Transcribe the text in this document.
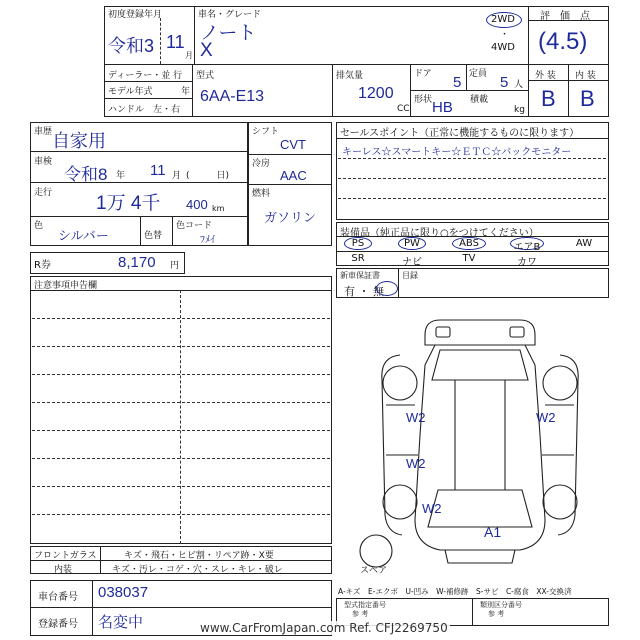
初度登録年月
令和3 11
月
車名・グレード
ノート
X
2WD
・
4WD
評　価　点
(4.5)
外 装 内 装
B B
ディーラー・並 行
モデル年式	年
ハンドル　左・右
型式
6AA-E13
排気量
1200
CC
ドア 5 定員 5 人
形状 HB 積載
kg
車歴 自家用
車検
令和8 年 11 月 (　　　日)
走行 1万 4千 400 km
色
シルバー	色替
色コード
ﾌﾒｲ
シフト
CVT
冷房
AAC
燃料
ガソリン
R券	8,170 円
セールスポイント（正常に機能するものに限ります）
キーレス☆スマートキー☆ＥＴＣ☆バックモニター
装備品（純正品に限り○をつけてください）
PS	PW	ABS	エアB	AW
SR	ナビ	TV	カワ
新車保証書
有 ・ 無
目録
注意事項申告欄
W2	W2
W2
W2
A1
スペア
フロントガラス	キズ・飛石・ヒビ割・リペア跡・X要
内装	キズ・汚レ・コゲ・穴・スレ・キレ・破レ
車台番号 038037
登録番号 名変中
A-キズ　E-エクボ　U-凹み　W-補修跡　S-サビ　C-腐食　XX-交換済
型式指定番号
参 考
類別区分番号
参 考
www.CarFromJapan.com Ref. CFJ2269750
